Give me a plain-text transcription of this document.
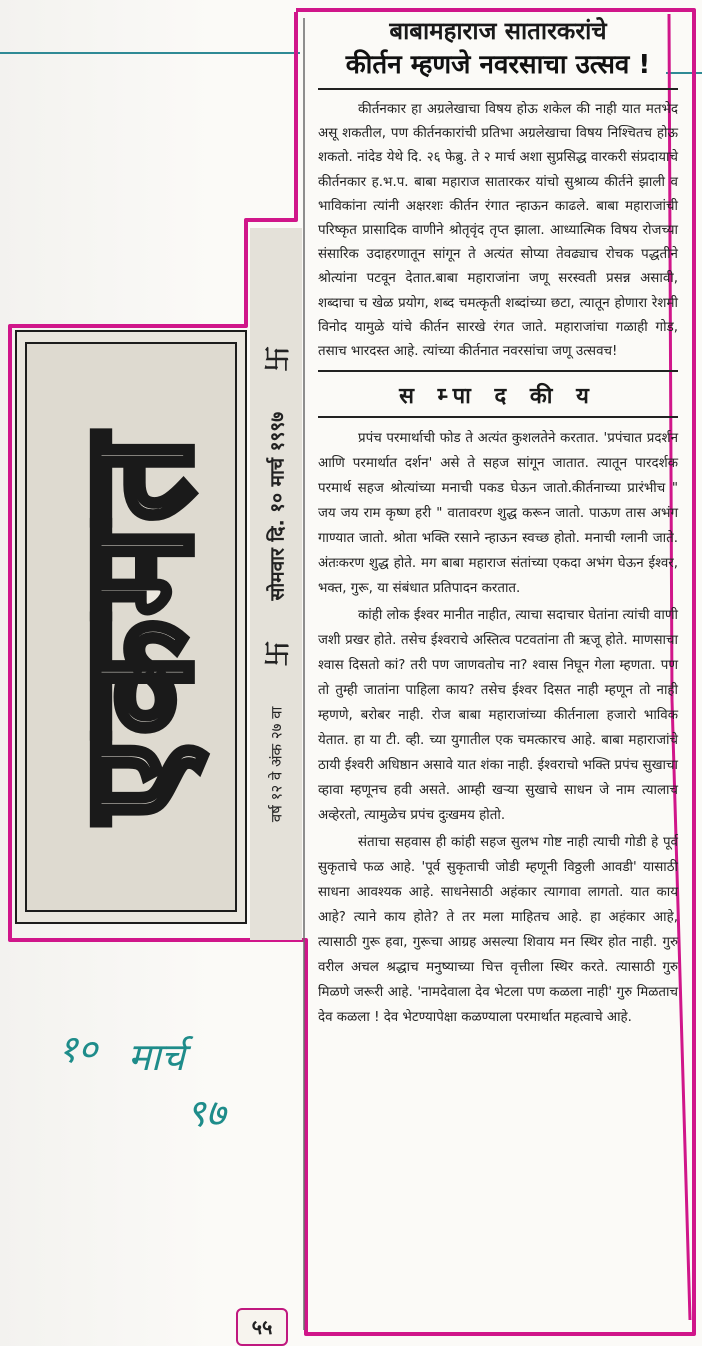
एकमत	वर्ष १२ वे अंक २७ वा
卐
सोमवार दि. १० मार्च १९९७
卐

बाबामहाराज सातारकरांचे

कीर्तन म्हणजे नवरसाचा उत्सव !

कीर्तनकार हा अग्रलेखाचा विषय होऊ शकेल की नाही यात मतभेद असू शकतील, पण कीर्तनकारांची प्रतिभा अग्रलेखाचा विषय निश्चितच होऊ शकतो. नांदेड येथे दि. २६ फेब्रु. ते २ मार्च अशा सुप्रसिद्ध वारकरी संप्रदायाचे कीर्तनकार ह.भ.प. बाबा महाराज सातारकर यांचो सुश्राव्य कीर्तने झाली व भाविकांना त्यांनी अक्षरशः कीर्तन रंगात न्हाऊन काढले. बाबा महाराजांची परिष्कृत प्रासादिक वाणीने श्रोतृवृंद तृप्त झाला. आध्यात्मिक विषय रोजच्या संसारिक उदाहरणातून सांगून ते अत्यंत सोप्या तेवढ्याच रोचक पद्धतीने श्रोत्यांना पटवून देतात.बाबा महाराजांना जणू सरस्वती प्रसन्न असावी, शब्दाचा च खेळ प्रयोग, शब्द चमत्कृती शब्दांच्या छटा, त्यातून होणारा रेशमी विनोद यामुळे यांचे कीर्तन सारखे रंगत जाते. महाराजांचा गळाही गोड, तसाच भारदस्त आहे. त्यांच्या कीर्तनात नवरसांचा जणू उत्सवच!

स म्पा द की य

प्रपंच परमार्थाची फोड ते अत्यंत कुशलतेने करतात. 'प्रपंचात प्रदर्शन आणि परमार्थात दर्शन' असे ते सहज सांगून जातात. त्यातून पारदर्शक परमार्थ सहज श्रोत्यांच्या मनाची पकड घेऊन जातो.कीर्तनाच्या प्रारंभीच " जय जय राम कृष्ण हरी " वातावरण शुद्ध करून जातो. पाऊण तास अभंग गाण्यात जातो. श्रोता भक्ति रसाने न्हाऊन स्वच्छ होतो. मनाची ग्लानी जाते. अंतःकरण शुद्ध होते. मग बाबा महाराज संतांच्या एकदा अभंग घेऊन ईश्वर, भक्त, गुरू, या संबंधात प्रतिपादन करतात.

कांही लोक ईश्वर मानीत नाहीत, त्याचा सदाचार घेतांना त्यांची वाणी जशी प्रखर होते. तसेच ईश्वराचे अस्तित्व पटवतांना ती ऋजू होते. माणसाचा श्वास दिसतो कां? तरी पण जाणवतोच ना? श्वास निघून गेला म्हणता. पण तो तुम्ही जातांना पाहिला काय? तसेच ईश्वर दिसत नाही म्हणून तो नाही म्हणणे, बरोबर नाही. रोज बाबा महाराजांच्या कीर्तनाला हजारो भाविक येतात. हा या टी. व्ही. च्या युगातील एक चमत्कारच आहे. बाबा महाराजांचे ठायी ईश्वरी अधिष्ठान असावे यात शंका नाही. ईश्वराचो भक्ति प्रपंच सुखाचा व्हावा म्हणूनच हवी असते. आम्ही खऱ्या सुखाचे साधन जे नाम त्यालाच अव्हेरतो, त्यामुळेच प्रपंच दुःखमय होतो.

संताचा सहवास ही कांही सहज सुलभ गोष्ट नाही त्याची गोडी हे पूर्व सुकृताचे फळ आहे. 'पूर्व सुकृताची जोडी म्हणूनी विठ्ठली आवडी' यासाठी साधना आवश्यक आहे. साधनेसाठी अहंकार त्यागावा लागतो. यात काय आहे? त्याने काय होते? ते तर मला माहितच आहे. हा अहंकार आहे, त्यासाठी गुरू हवा, गुरूचा आग्रह असल्या शिवाय मन स्थिर होत नाही. गुरु वरील अचल श्रद्धाच मनुष्याच्या चित्त वृत्तीला स्थिर करते. त्यासाठी गुरु मिळणे जरूरी आहे. 'नामदेवाला देव भेटला पण कळला नाही' गुरु मिळताच देव कळला ! देव भेटण्यापेक्षा कळण्याला परमार्थात महत्वाचे आहे.

१० मार्च
९७
५५
